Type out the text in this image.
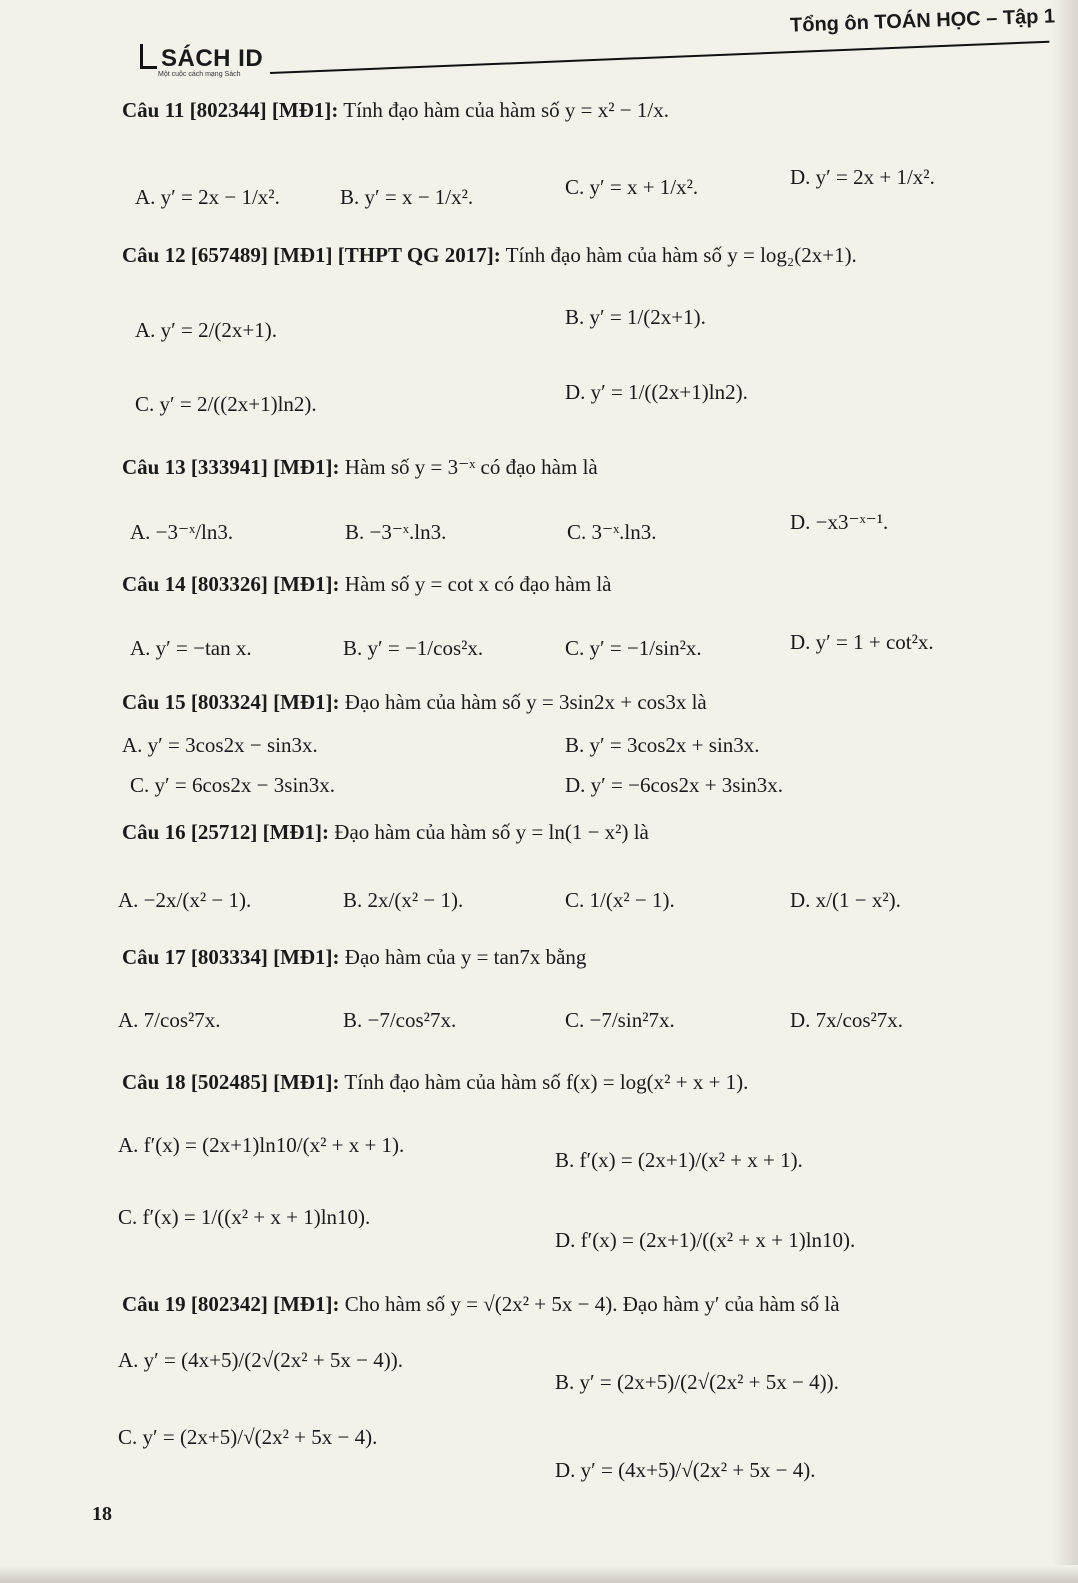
SÁCH ID
Một cuộc cách mạng Sách
Tổng ôn TOÁN HỌC – Tập 1
Câu 11 [802344] [MĐ1]: Tính đạo hàm của hàm số y = x² − 1/x.
A. y′ = 2x − 1/x².	B. y′ = x − 1/x².	C. y′ = x + 1/x².	D. y′ = 2x + 1/x².
Câu 12 [657489] [MĐ1] [THPT QG 2017]: Tính đạo hàm của hàm số y = log₂(2x+1).
A. y′ = 2/(2x+1).
B. y′ = 1/(2x+1).
C. y′ = 2/((2x+1)ln2).	D. y′ = 1/((2x+1)ln2).
Câu 13 [333941] [MĐ1]: Hàm số y = 3⁻ˣ có đạo hàm là
A. −3⁻ˣ/ln3.	B. −3⁻ˣ.ln3.	C. 3⁻ˣ.ln3.	D. −x3⁻ˣ⁻¹.
Câu 14 [803326] [MĐ1]: Hàm số y = cot x có đạo hàm là
A. y′ = −tan x.	B. y′ = −1/cos²x.	C. y′ = −1/sin²x.	D. y′ = 1 + cot²x.
Câu 15 [803324] [MĐ1]: Đạo hàm của hàm số y = 3sin2x + cos3x là
A. y′ = 3cos2x − sin3x.	B. y′ = 3cos2x + sin3x.
C. y′ = 6cos2x − 3sin3x.	D. y′ = −6cos2x + 3sin3x.
Câu 16 [25712] [MĐ1]: Đạo hàm của hàm số y = ln(1 − x²) là
A. −2x/(x² − 1).	B. 2x/(x² − 1).	C. 1/(x² − 1).	D. x/(1 − x²).
Câu 17 [803334] [MĐ1]: Đạo hàm của y = tan7x bằng
A. 7/cos²7x.	B. −7/cos²7x.	C. −7/sin²7x.	D. 7x/cos²7x.
Câu 18 [502485] [MĐ1]: Tính đạo hàm của hàm số f(x) = log(x² + x + 1).
A. f′(x) = (2x+1)ln10/(x² + x + 1).
B. f′(x) = (2x+1)/(x² + x + 1).
C. f′(x) = 1/((x² + x + 1)ln10).
D. f′(x) = (2x+1)/((x² + x + 1)ln10).
Câu 19 [802342] [MĐ1]: Cho hàm số y = √(2x² + 5x − 4). Đạo hàm y′ của hàm số là
A. y′ = (4x+5)/(2√(2x² + 5x − 4)).
B. y′ = (2x+5)/(2√(2x² + 5x − 4)).
C. y′ = (2x+5)/√(2x² + 5x − 4).
D. y′ = (4x+5)/√(2x² + 5x − 4).
18
